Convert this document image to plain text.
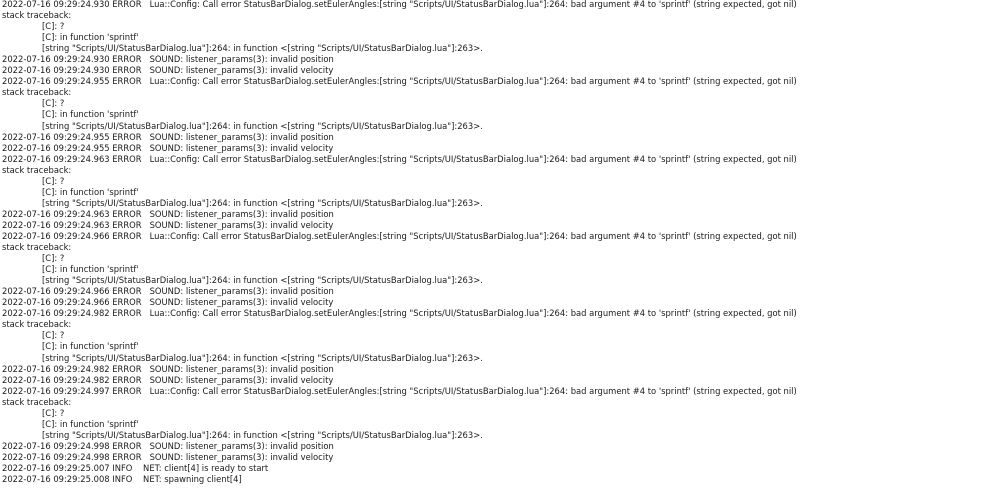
2022-07-16 09:29:24.930 ERROR   Lua::Config: Call error StatusBarDialog.setEulerAngles:[string "Scripts/UI/StatusBarDialog.lua"]:264: bad argument #4 to 'sprintf' (string expected, got nil)
stack traceback:
[C]: ?
[C]: in function 'sprintf'
[string "Scripts/UI/StatusBarDialog.lua"]:264: in function <[string "Scripts/UI/StatusBarDialog.lua"]:263>.
2022-07-16 09:29:24.930 ERROR   SOUND: listener_params(3): invalid position
2022-07-16 09:29:24.930 ERROR   SOUND: listener_params(3): invalid velocity
2022-07-16 09:29:24.955 ERROR   Lua::Config: Call error StatusBarDialog.setEulerAngles:[string "Scripts/UI/StatusBarDialog.lua"]:264: bad argument #4 to 'sprintf' (string expected, got nil)
stack traceback:
[C]: ?
[C]: in function 'sprintf'
[string "Scripts/UI/StatusBarDialog.lua"]:264: in function <[string "Scripts/UI/StatusBarDialog.lua"]:263>.
2022-07-16 09:29:24.955 ERROR   SOUND: listener_params(3): invalid position
2022-07-16 09:29:24.955 ERROR   SOUND: listener_params(3): invalid velocity
2022-07-16 09:29:24.963 ERROR   Lua::Config: Call error StatusBarDialog.setEulerAngles:[string "Scripts/UI/StatusBarDialog.lua"]:264: bad argument #4 to 'sprintf' (string expected, got nil)
stack traceback:
[C]: ?
[C]: in function 'sprintf'
[string "Scripts/UI/StatusBarDialog.lua"]:264: in function <[string "Scripts/UI/StatusBarDialog.lua"]:263>.
2022-07-16 09:29:24.963 ERROR   SOUND: listener_params(3): invalid position
2022-07-16 09:29:24.963 ERROR   SOUND: listener_params(3): invalid velocity
2022-07-16 09:29:24.966 ERROR   Lua::Config: Call error StatusBarDialog.setEulerAngles:[string "Scripts/UI/StatusBarDialog.lua"]:264: bad argument #4 to 'sprintf' (string expected, got nil)
stack traceback:
[C]: ?
[C]: in function 'sprintf'
[string "Scripts/UI/StatusBarDialog.lua"]:264: in function <[string "Scripts/UI/StatusBarDialog.lua"]:263>.
2022-07-16 09:29:24.966 ERROR   SOUND: listener_params(3): invalid position
2022-07-16 09:29:24.966 ERROR   SOUND: listener_params(3): invalid velocity
2022-07-16 09:29:24.982 ERROR   Lua::Config: Call error StatusBarDialog.setEulerAngles:[string "Scripts/UI/StatusBarDialog.lua"]:264: bad argument #4 to 'sprintf' (string expected, got nil)
stack traceback:
[C]: ?
[C]: in function 'sprintf'
[string "Scripts/UI/StatusBarDialog.lua"]:264: in function <[string "Scripts/UI/StatusBarDialog.lua"]:263>.
2022-07-16 09:29:24.982 ERROR   SOUND: listener_params(3): invalid position
2022-07-16 09:29:24.982 ERROR   SOUND: listener_params(3): invalid velocity
2022-07-16 09:29:24.997 ERROR   Lua::Config: Call error StatusBarDialog.setEulerAngles:[string "Scripts/UI/StatusBarDialog.lua"]:264: bad argument #4 to 'sprintf' (string expected, got nil)
stack traceback:
[C]: ?
[C]: in function 'sprintf'
[string "Scripts/UI/StatusBarDialog.lua"]:264: in function <[string "Scripts/UI/StatusBarDialog.lua"]:263>.
2022-07-16 09:29:24.998 ERROR   SOUND: listener_params(3): invalid position
2022-07-16 09:29:24.998 ERROR   SOUND: listener_params(3): invalid velocity
2022-07-16 09:29:25.007 INFO    NET: client[4] is ready to start
2022-07-16 09:29:25.008 INFO    NET: spawning client[4]
